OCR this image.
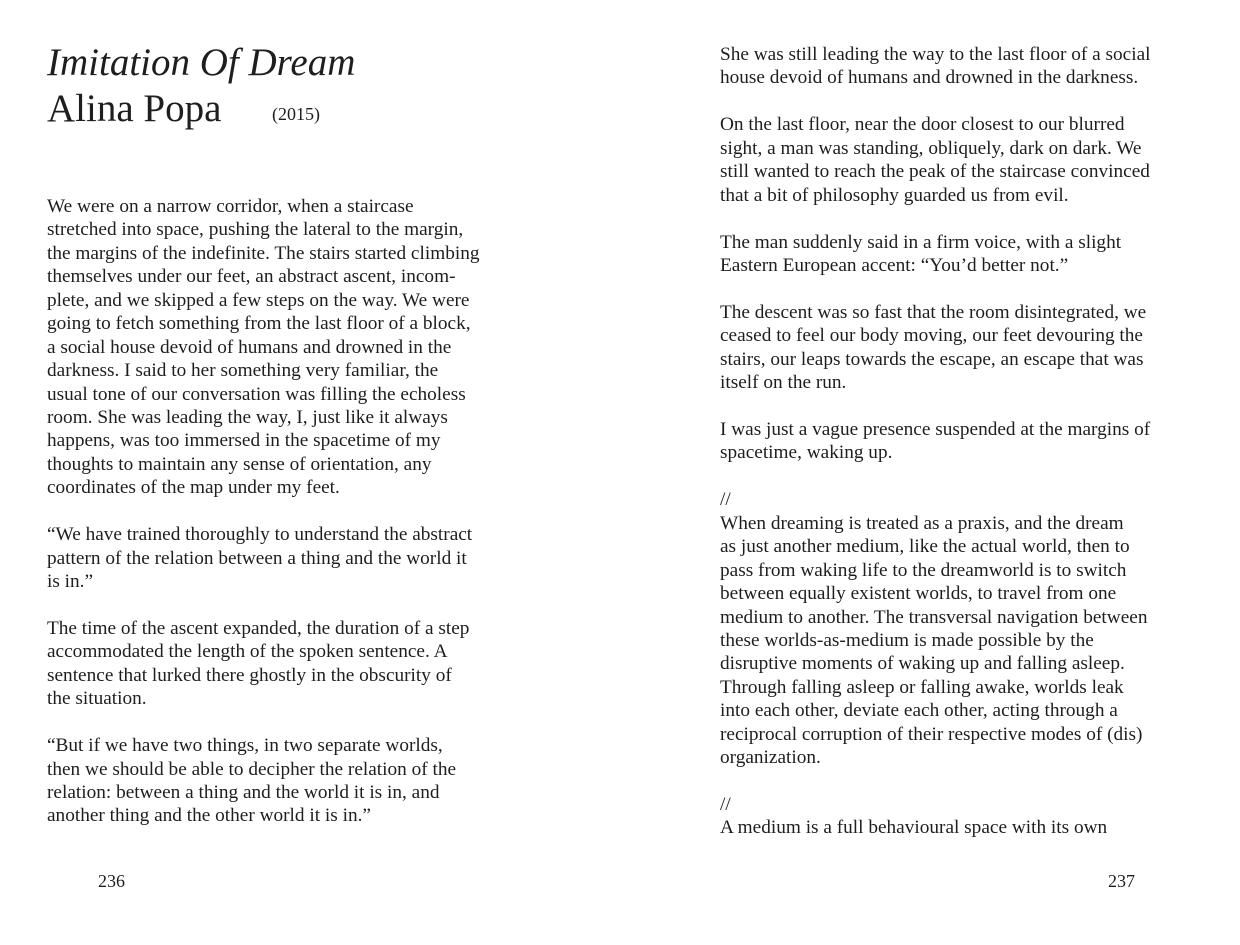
Imitation Of Dream
Alina Popa	(2015)
We were on a narrow corridor, when a staircase
stretched into space, pushing the lateral to the margin,
the margins of the indefinite. The stairs started climbing
themselves under our feet, an abstract ascent, incom-
plete, and we skipped a few steps on the way. We were
going to fetch something from the last floor of a block,
a social house devoid of humans and drowned in the
darkness. I said to her something very familiar, the
usual tone of our conversation was filling the echoless
room. She was leading the way, I, just like it always
happens, was too immersed in the spacetime of my
thoughts to maintain any sense of orientation, any
coordinates of the map under my feet.
“We have trained thoroughly to understand the abstract
pattern of the relation between a thing and the world it
is in.”
The time of the ascent expanded, the duration of a step
accommodated the length of the spoken sentence. A
sentence that lurked there ghostly in the obscurity of
the situation.
“But if we have two things, in two separate worlds,
then we should be able to decipher the relation of the
relation: between a thing and the world it is in, and
another thing and the other world it is in.”
236
She was still leading the way to the last floor of a social
house devoid of humans and drowned in the darkness.
On the last floor, near the door closest to our blurred
sight, a man was standing, obliquely, dark on dark. We
still wanted to reach the peak of the staircase convinced
that a bit of philosophy guarded us from evil.
The man suddenly said in a firm voice, with a slight
Eastern European accent: “You’d better not.”
The descent was so fast that the room disintegrated, we
ceased to feel our body moving, our feet devouring the
stairs, our leaps towards the escape, an escape that was
itself on the run.
I was just a vague presence suspended at the margins of
spacetime, waking up.
//
When dreaming is treated as a praxis, and the dream
as just another medium, like the actual world, then to
pass from waking life to the dreamworld is to switch
between equally existent worlds, to travel from one
medium to another. The transversal navigation between
these worlds-as-medium is made possible by the
disruptive moments of waking up and falling asleep.
Through falling asleep or falling awake, worlds leak
into each other, deviate each other, acting through a
reciprocal corruption of their respective modes of (dis)
organization.
//
A medium is a full behavioural space with its own
237
